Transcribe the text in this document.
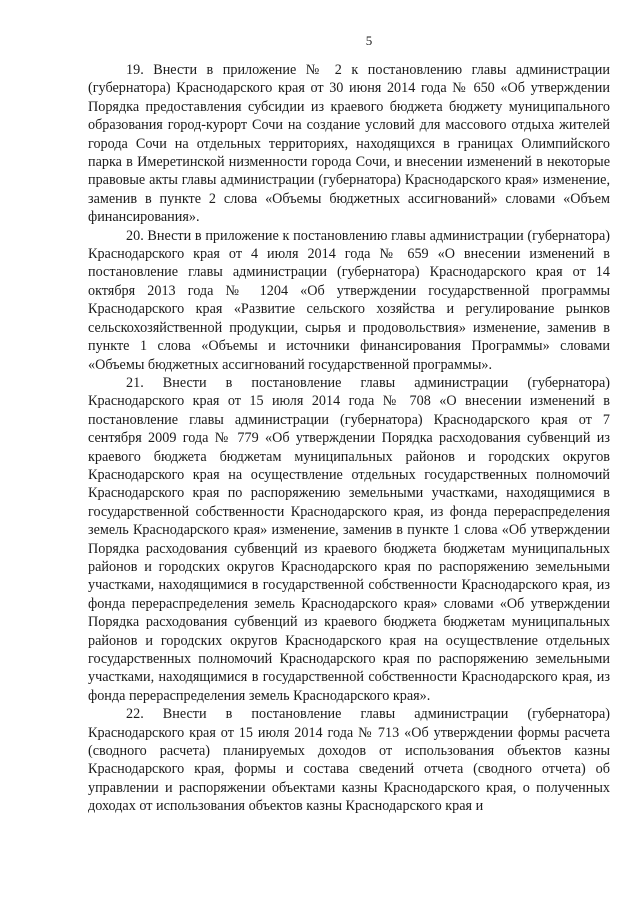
5

19. Внести в приложение № 2 к постановлению главы администрации (губернатора) Краснодарского края от 30 июня 2014 года № 650 «Об утверждении Порядка предоставления субсидии из краевого бюджета бюджету муниципального образования город-курорт Сочи на создание условий для массового отдыха жителей города Сочи на отдельных территориях, находящихся в границах Олимпийского парка в Имеретинской низменности города Сочи, и внесении изменений в некоторые правовые акты главы администрации (губернатора) Краснодарского края» изменение, заменив в пункте 2 слова «Объемы бюджетных ассигнований» словами «Объем финансирования».

20. Внести в приложение к постановлению главы администрации (губернатора) Краснодарского края от 4 июля 2014 года № 659 «О внесении изменений в постановление главы администрации (губернатора) Краснодарского края от 14 октября 2013 года № 1204 «Об утверждении государственной программы Краснодарского края «Развитие сельского хозяйства и регулирование рынков сельскохозяйственной продукции, сырья и продовольствия» изменение, заменив в пункте 1 слова «Объемы и источники финансирования Программы» словами «Объемы бюджетных ассигнований государственной программы».

21. Внести в постановление главы администрации (губернатора) Краснодарского края от 15 июля 2014 года № 708 «О внесении изменений в постановление главы администрации (губернатора) Краснодарского края от 7 сентября 2009 года № 779 «Об утверждении Порядка расходования субвенций из краевого бюджета бюджетам муниципальных районов и городских округов Краснодарского края на осуществление отдельных государственных полномочий Краснодарского края по распоряжению земельными участками, находящимися в государственной собственности Краснодарского края, из фонда перераспределения земель Краснодарского края» изменение, заменив в пункте 1 слова «Об утверждении Порядка расходования субвенций из краевого бюджета бюджетам муниципальных районов и городских округов Краснодарского края по распоряжению земельными участками, находящимися в государственной собственности Краснодарского края, из фонда перераспределения земель Краснодарского края» словами «Об утверждении Порядка расходования субвенций из краевого бюджета бюджетам муниципальных районов и городских округов Краснодарского края на осуществление отдельных государственных полномочий Краснодарского края по распоряжению земельными участками, находящимися в государственной собственности Краснодарского края, из фонда перераспределения земель Краснодарского края».

22. Внести в постановление главы администрации (губернатора) Краснодарского края от 15 июля 2014 года № 713 «Об утверждении формы расчета (сводного расчета) планируемых доходов от использования объектов казны Краснодарского края, формы и состава сведений отчета (сводного отчета) об управлении и распоряжении объектами казны Краснодарского края, о полученных доходах от использования объектов казны Краснодарского края и
